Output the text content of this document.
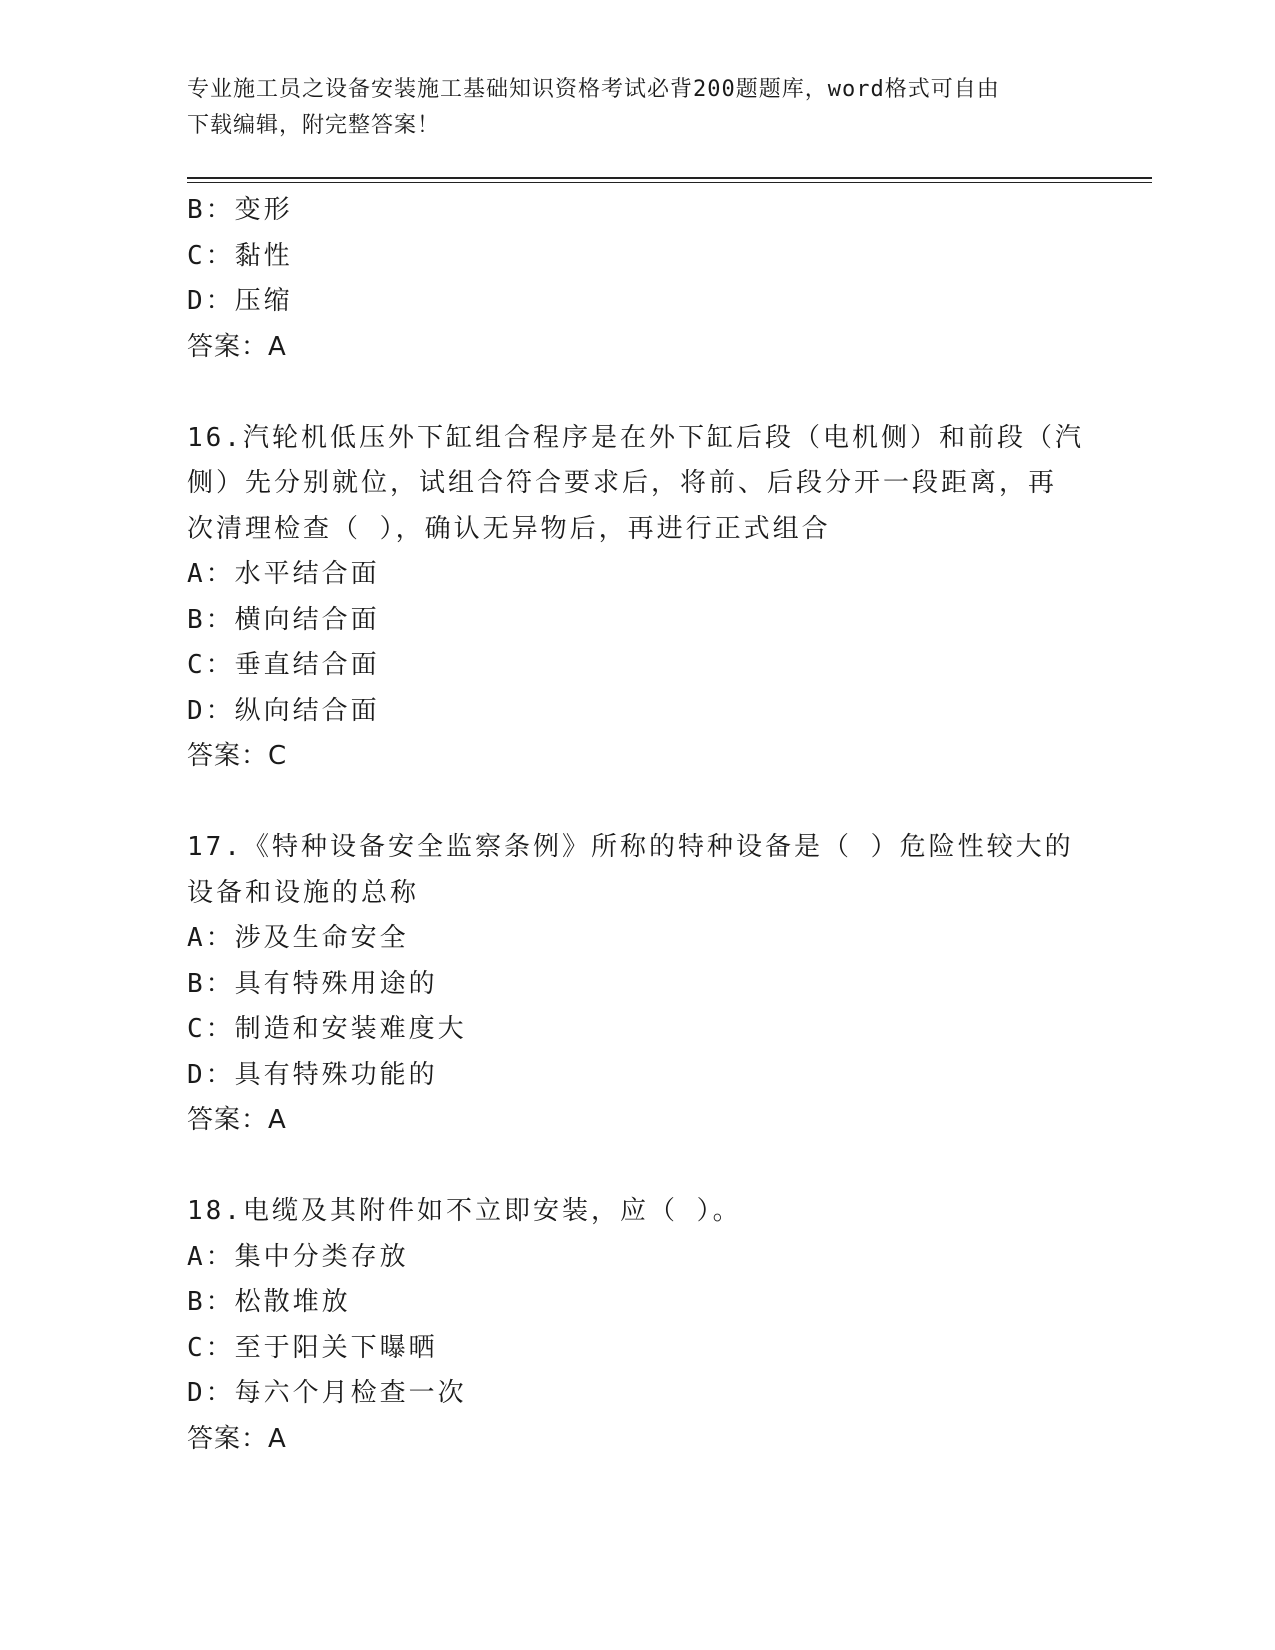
专业施工员之设备安装施工基础知识资格考试必背200题题库，word格式可自由
下载编辑，附完整答案！
B：变形
C：黏性
D：压缩
答案：A
16.汽轮机低压外下缸组合程序是在外下缸后段（电机侧）和前段（汽
侧）先分别就位，试组合符合要求后，将前、后段分开一段距离，再
次清理检查（ ），确认无异物后，再进行正式组合
A：水平结合面
B：横向结合面
C：垂直结合面
D：纵向结合面
答案：C
17.《特种设备安全监察条例》所称的特种设备是（ ）危险性较大的
设备和设施的总称
A：涉及生命安全
B：具有特殊用途的
C：制造和安装难度大
D：具有特殊功能的
答案：A
18.电缆及其附件如不立即安装，应（ ）。
A：集中分类存放
B：松散堆放
C：至于阳关下曝晒
D：每六个月检查一次
答案：A
